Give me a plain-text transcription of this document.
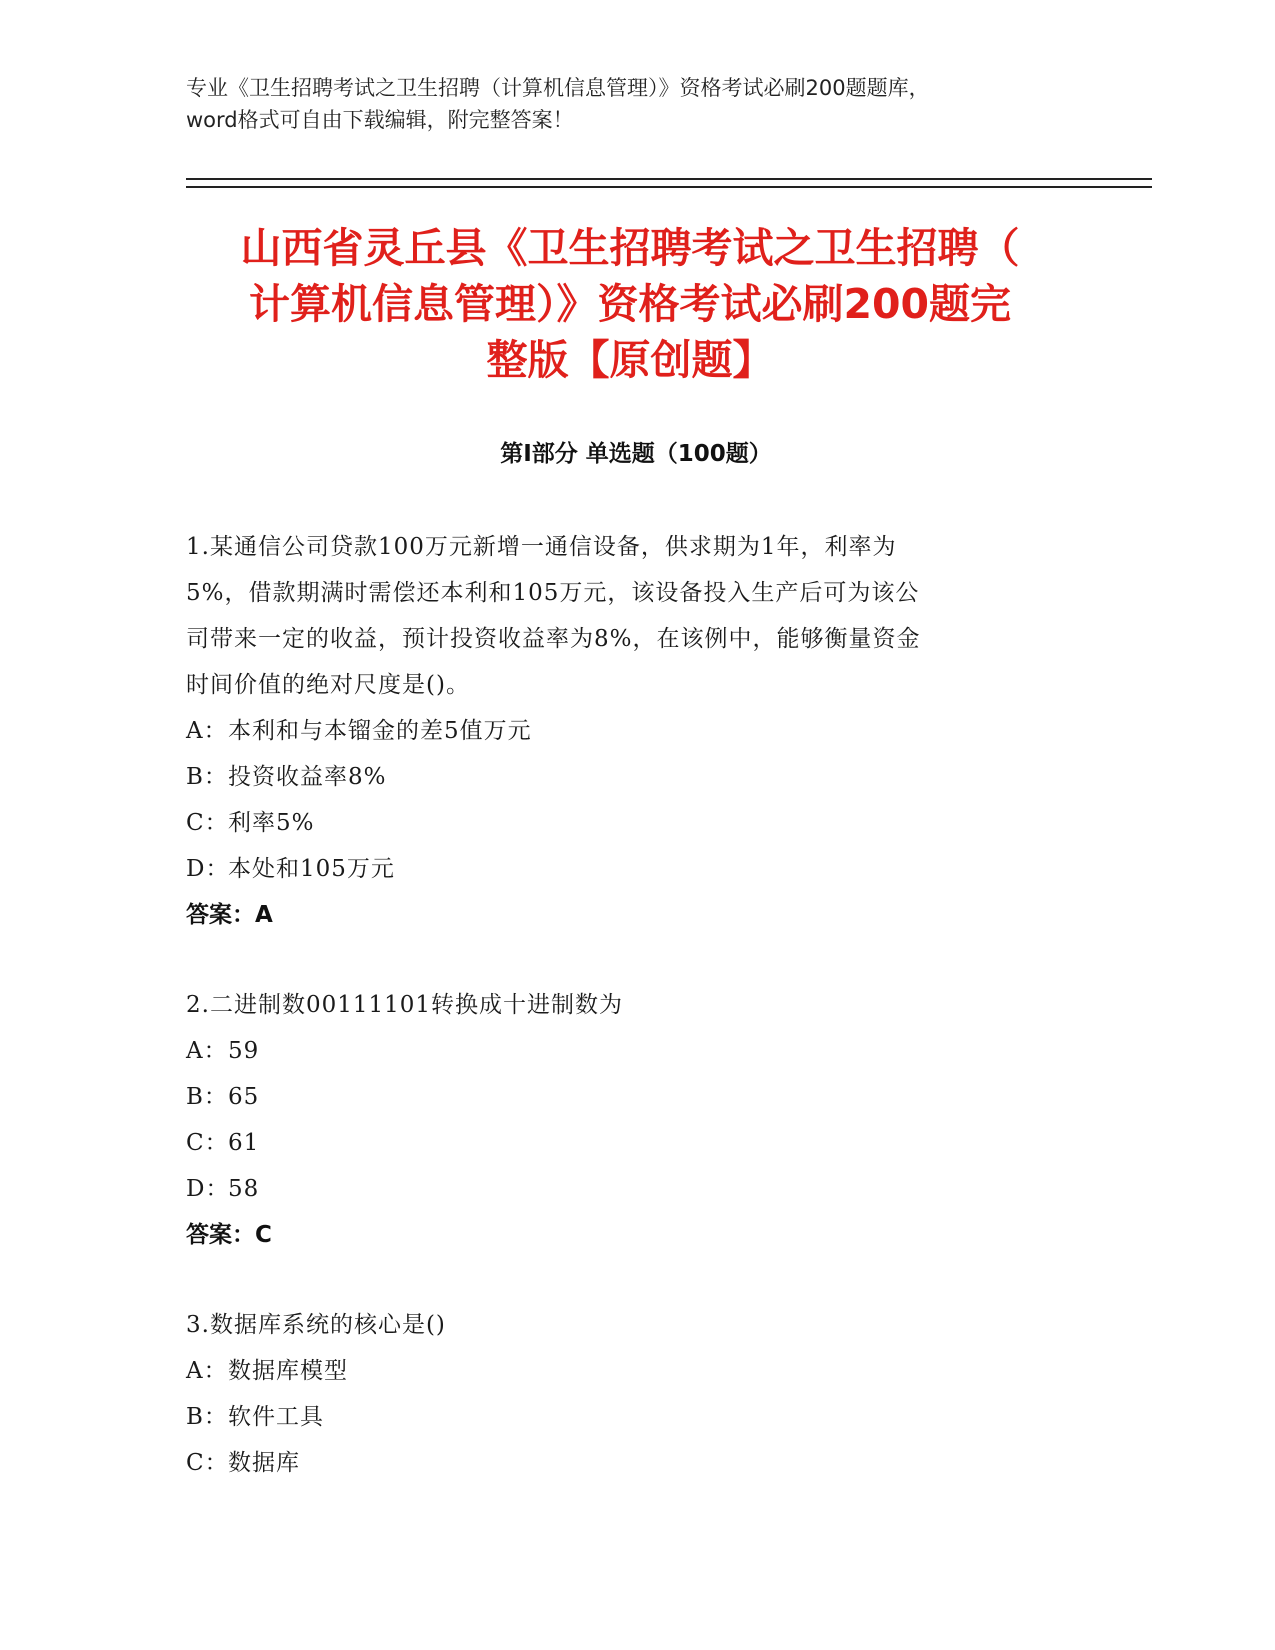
专业《卫生招聘考试之卫生招聘（计算机信息管理）》资格考试必刷200题题库，
word格式可自由下载编辑，附完整答案！
山西省灵丘县《卫生招聘考试之卫生招聘（
计算机信息管理）》资格考试必刷200题完
整版【原创题】
第Ⅰ部分 单选题（100题）
1.某通信公司贷款100万元新增一通信设备，供求期为1年，利率为
5%，借款期满时需偿还本利和105万元，该设备投入生产后可为该公
司带来一定的收益，预计投资收益率为8%，在该例中，能够衡量资金
时间价值的绝对尺度是()。
A：本利和与本镏金的差5值万元
B：投资收益率8%
C：利率5%
D：本处和105万元
答案：A
2.二进制数00111101转换成十进制数为
A：59
B：65
C：61
D：58
答案：C
3.数据库系统的核心是()
A：数据库模型
B：软件工具
C：数据库
